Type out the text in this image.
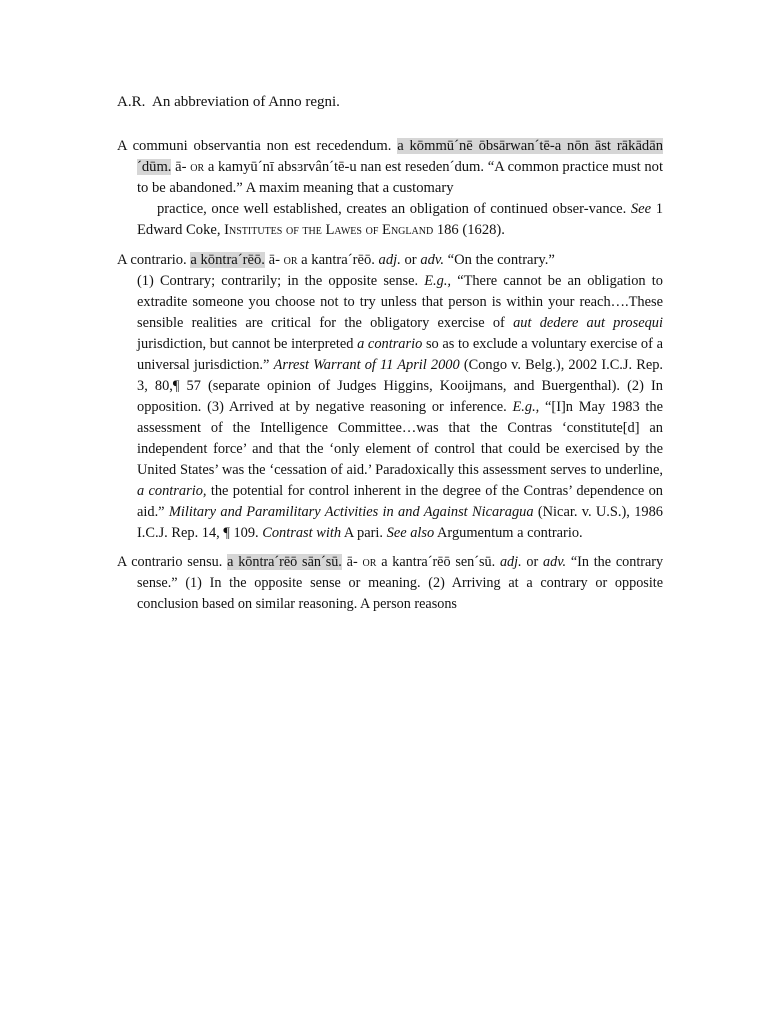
A.R. An abbreviation of Anno regni.
A communi observantia non est recedendum. a kōmmū´nē ōbsārwan´tē-a nōn āst rākādān´dūm. ā- or a kamyū´nī absɜrvân´tē-u nan est reseden´dum. “A common practice must not to be abandoned.” A maxim meaning that a customary
practice, once well established, creates an obligation of continued obser-vance. See 1 Edward Coke, Institutes of the Lawes of England 186 (1628).
A contrario. a kōntra´rēō. ā- or a kantra´rēō. adj. or adv. “On the contrary.”
(1) Contrary; contrarily; in the opposite sense. E.g., “There cannot be an obligation to extradite someone you choose not to try unless that person is within your reach….These sensible realities are critical for the obligatory exercise of aut dedere aut prosequi jurisdiction, but cannot be interpreted a contrario so as to exclude a voluntary exercise of a universal jurisdiction.” Arrest Warrant of 11 April 2000 (Congo v. Belg.), 2002 I.C.J. Rep. 3, 80,¶ 57 (separate opinion of Judges Higgins, Kooijmans, and Buergenthal). (2) In opposition. (3) Arrived at by negative reasoning or inference. E.g., “[I]n May 1983 the assessment of the Intelligence Committee…was that the Contras ‘constitute[d] an independent force’ and that the ‘only element of control that could be exercised by the United States’ was the ‘cessation of aid.’ Paradoxically this assessment serves to underline, a contrario, the potential for control inherent in the degree of the Contras’ dependence on aid.” Military and Paramilitary Activities in and Against Nicaragua (Nicar. v. U.S.), 1986 I.C.J. Rep. 14, ¶ 109. Contrast with A pari. See also Argumentum a contrario.
A contrario sensu. a kōntra´rēō sān´sū. ā- or a kantra´rēō sen´sū. adj. or adv. “In the contrary sense.” (1) In the opposite sense or meaning. (2) Arriving at a contrary or opposite conclusion based on similar reasoning. A person reasons
